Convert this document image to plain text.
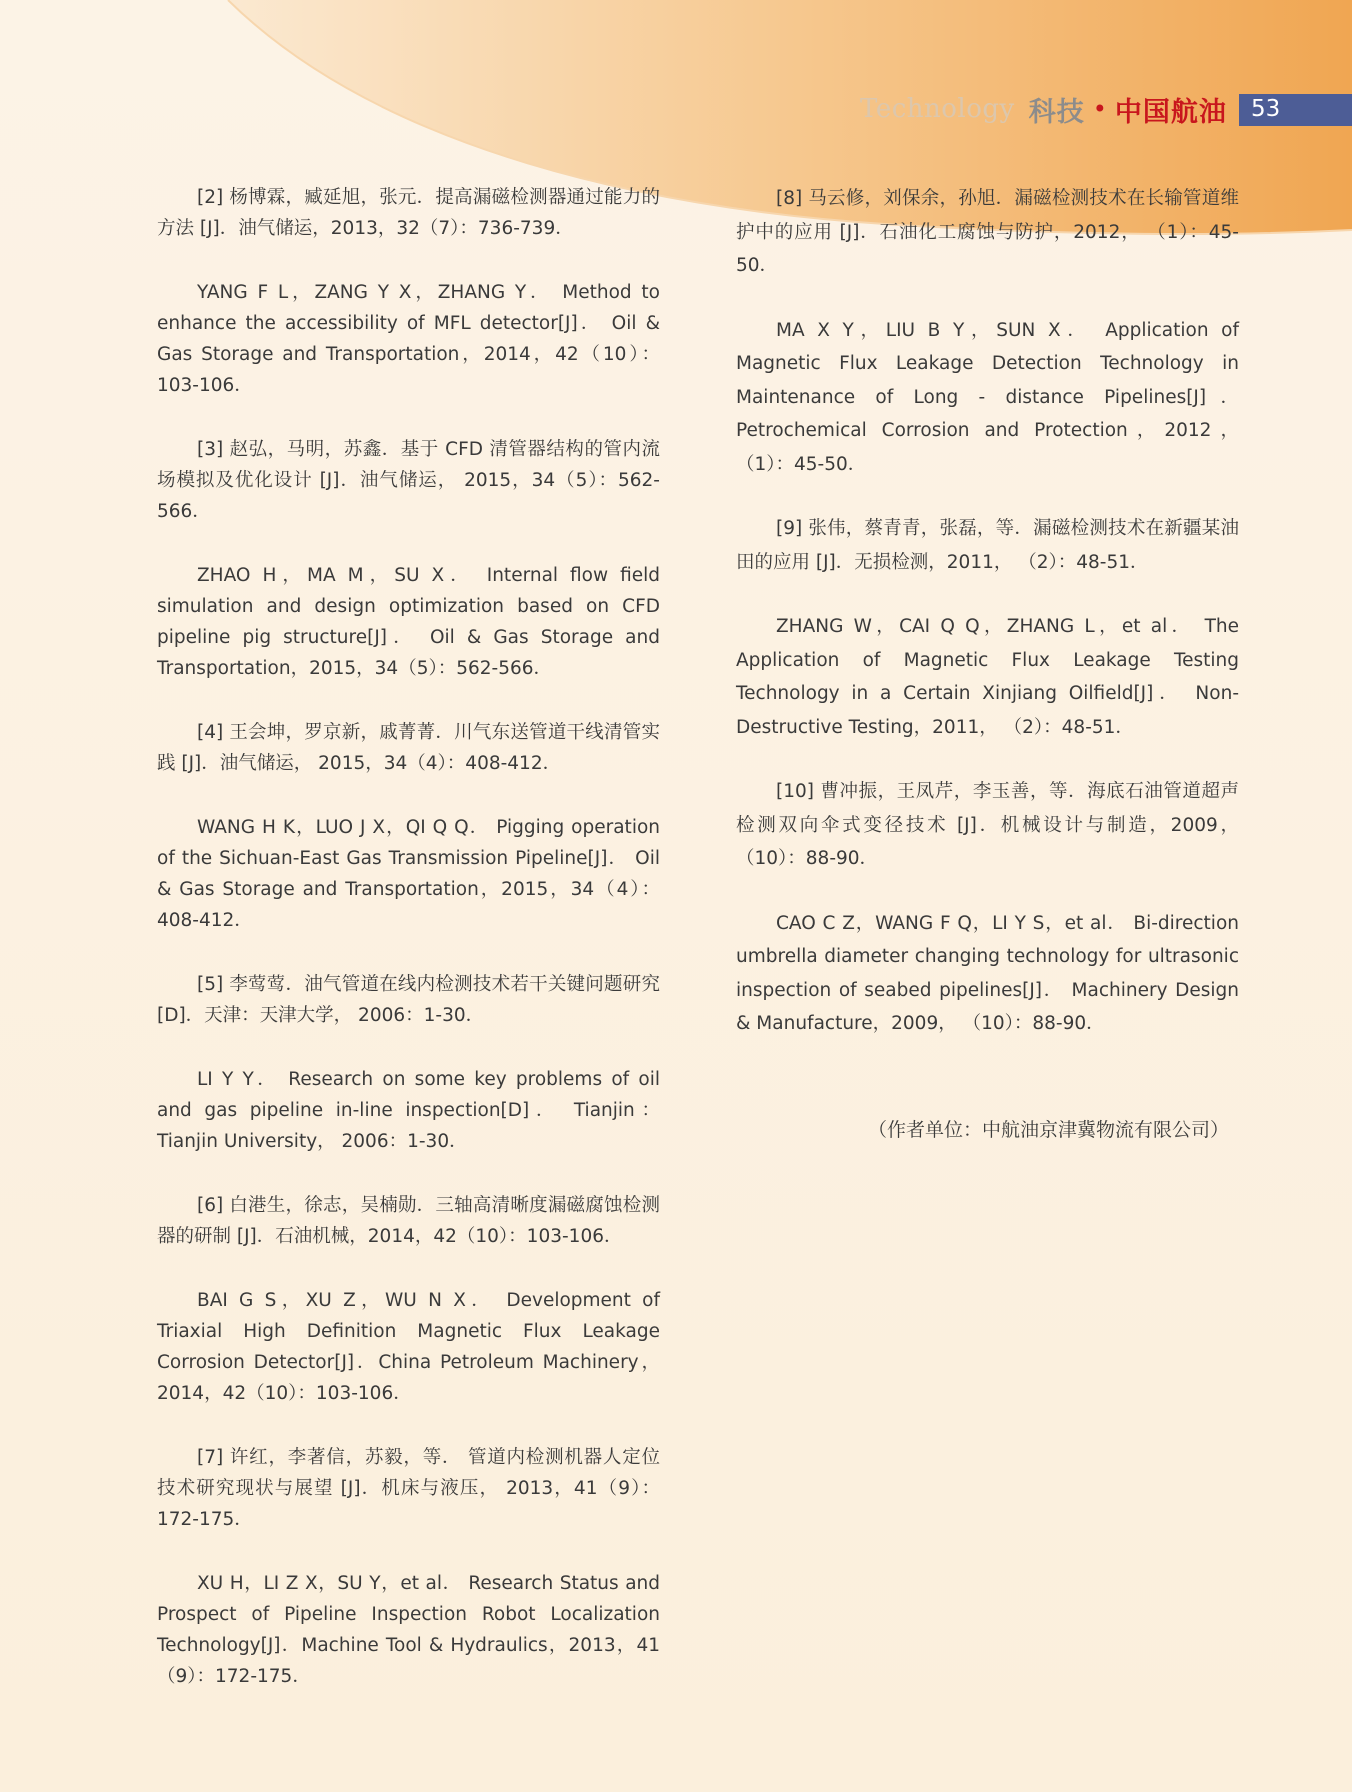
Technology 科技 • 中国航油 53

[2] 杨博霖，臧延旭，张元．提高漏磁检测器通过能力的方法 [J]．油气储运，2013，32（7）：736-739．

YANG F L，ZANG Y X，ZHANG Y． Method to enhance the accessibility of MFL detector[J]． Oil & Gas Storage and Transportation，2014，42（10）：103-106．

[3] 赵弘，马明，苏鑫．基于 CFD 清管器结构的管内流场模拟及优化设计 [J]．油气储运， 2015，34（5）：562-566．

ZHAO H，MA M，SU X． Internal flow field simulation and design optimization based on CFD pipeline pig structure[J]． Oil & Gas Storage and Transportation，2015，34（5）：562-566．

[4] 王会坤，罗京新，戚菁菁．川气东送管道干线清管实践 [J]．油气储运， 2015，34（4）：408-412．

WANG H K，LUO J X，QI Q Q． Pigging operation of the Sichuan-East Gas Transmission Pipeline[J]． Oil & Gas Storage and Transportation，2015，34（4）：408-412．

[5] 李莺莺．油气管道在线内检测技术若干关键问题研究 [D]．天津：天津大学， 2006：1-30．

LI Y Y． Research on some key problems of oil and gas pipeline in-line inspection[D]． Tianjin： Tianjin University， 2006：1-30．

[6] 白港生，徐志，吴楠勋．三轴高清晰度漏磁腐蚀检测器的研制 [J]．石油机械，2014，42（10）：103-106．

BAI G S，XU Z，WU N X． Development of Triaxial High Definition Magnetic Flux Leakage Corrosion Detector[J]．China Petroleum Machinery，2014，42（10）：103-106．

[7] 许红，李著信，苏毅，等． 管道内检测机器人定位技术研究现状与展望 [J]．机床与液压， 2013，41（9）：172-175．

XU H，LI Z X，SU Y，et al． Research Status and Prospect of Pipeline Inspection Robot Localization Technology[J]．Machine Tool & Hydraulics，2013，41（9）：172-175．

[8] 马云修，刘保余，孙旭．漏磁检测技术在长输管道维护中的应用 [J]．石油化工腐蚀与防护，2012， （1）：45-50．

MA X Y，LIU B Y，SUN X． Application of Magnetic Flux Leakage Detection Technology in Maintenance of Long - distance Pipelines[J]． Petrochemical Corrosion and Protection，2012， （1）：45-50．

[9] 张伟，蔡青青，张磊，等．漏磁检测技术在新疆某油田的应用 [J]．无损检测，2011， （2）：48-51．

ZHANG W，CAI Q Q，ZHANG L，et al． The Application of Magnetic Flux Leakage Testing Technology in a Certain Xinjiang Oilfield[J]． Non-Destructive Testing，2011， （2）：48-51．

[10] 曹冲振，王凤芹，李玉善，等．海底石油管道超声检测双向伞式变径技术 [J]．机械设计与制造，2009，（10）：88-90．

CAO C Z，WANG F Q，LI Y S，et al． Bi-direction umbrella diameter changing technology for ultrasonic inspection of seabed pipelines[J]． Machinery Design & Manufacture，2009， （10）：88-90．

（作者单位：中航油京津冀物流有限公司）
